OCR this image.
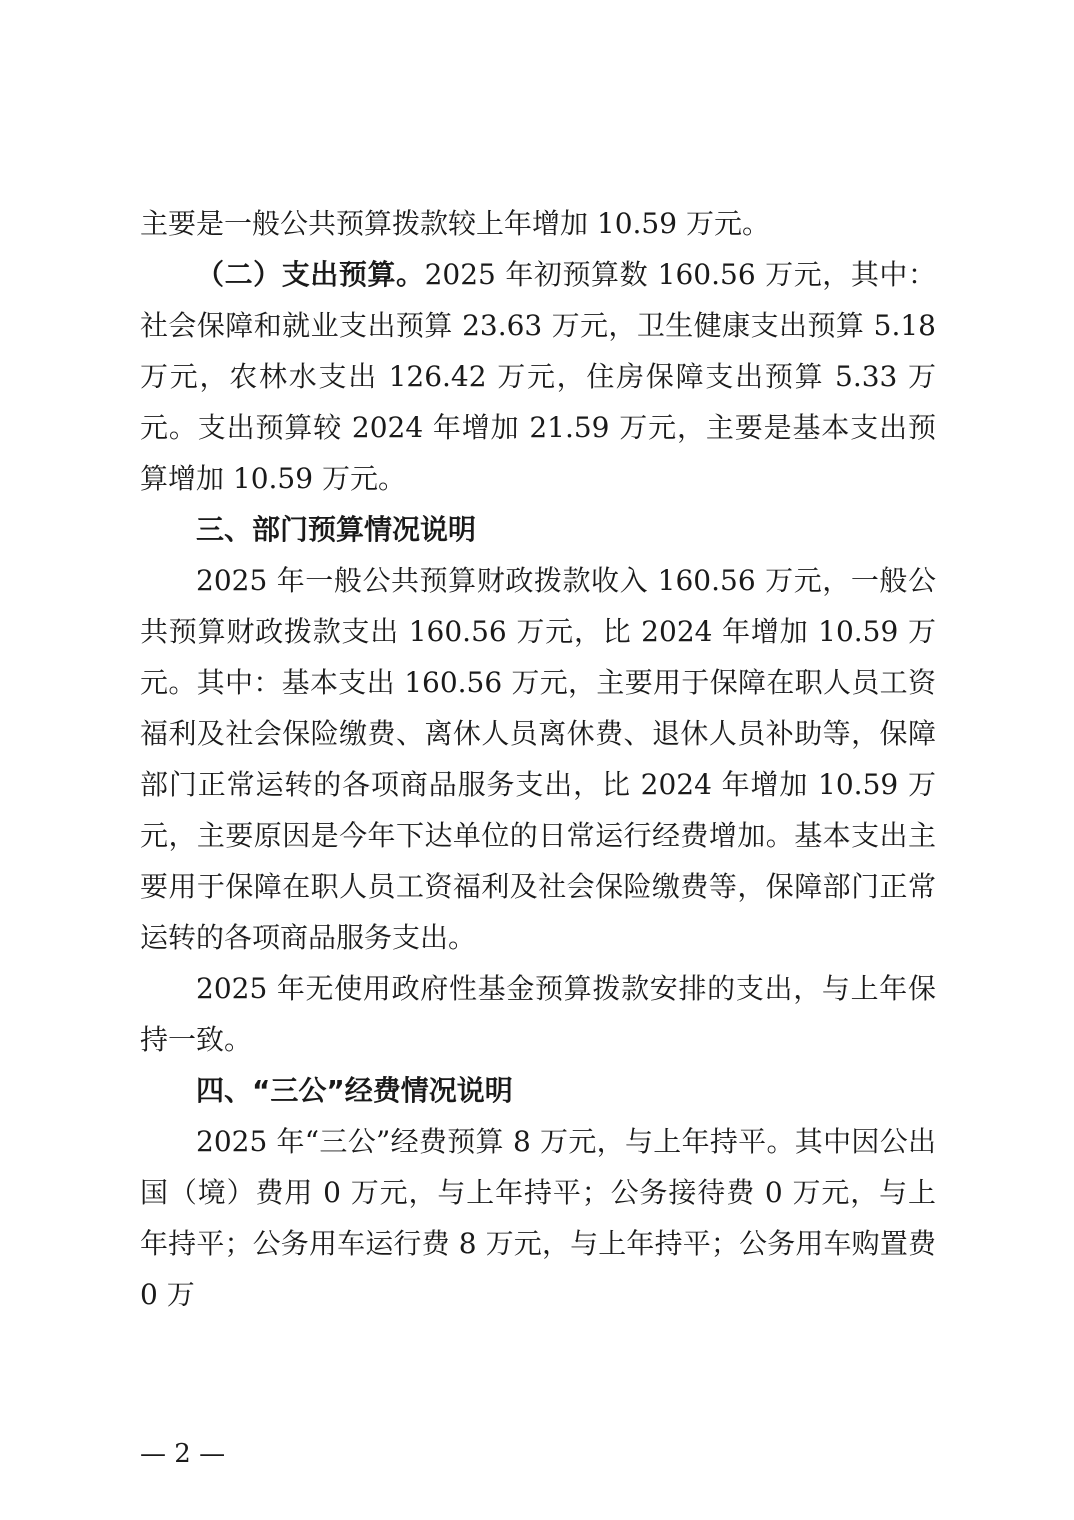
主要是一般公共预算拨款较上年增加 10.59 万元。

（二）支出预算。2025 年初预算数 160.56 万元，其中：社会保障和就业支出预算 23.63 万元，卫生健康支出预算 5.18 万元，农林水支出 126.42 万元，住房保障支出预算 5.33 万元。支出预算较 2024 年增加 21.59 万元，主要是基本支出预算增加 10.59 万元。

三、部门预算情况说明

2025 年一般公共预算财政拨款收入 160.56 万元，一般公共预算财政拨款支出 160.56 万元，比 2024 年增加 10.59 万元。其中：基本支出 160.56 万元，主要用于保障在职人员工资福利及社会保险缴费、离休人员离休费、退休人员补助等，保障部门正常运转的各项商品服务支出，比 2024 年增加 10.59 万元，主要原因是今年下达单位的日常运行经费增加。基本支出主要用于保障在职人员工资福利及社会保险缴费等，保障部门正常运转的各项商品服务支出。

2025 年无使用政府性基金预算拨款安排的支出，与上年保持一致。

四、“三公”经费情况说明

2025 年“三公”经费预算 8 万元，与上年持平。其中因公出国（境）费用 0 万元，与上年持平；公务接待费 0 万元，与上年持平；公务用车运行费 8 万元，与上年持平；公务用车购置费 0 万

— 2 —
